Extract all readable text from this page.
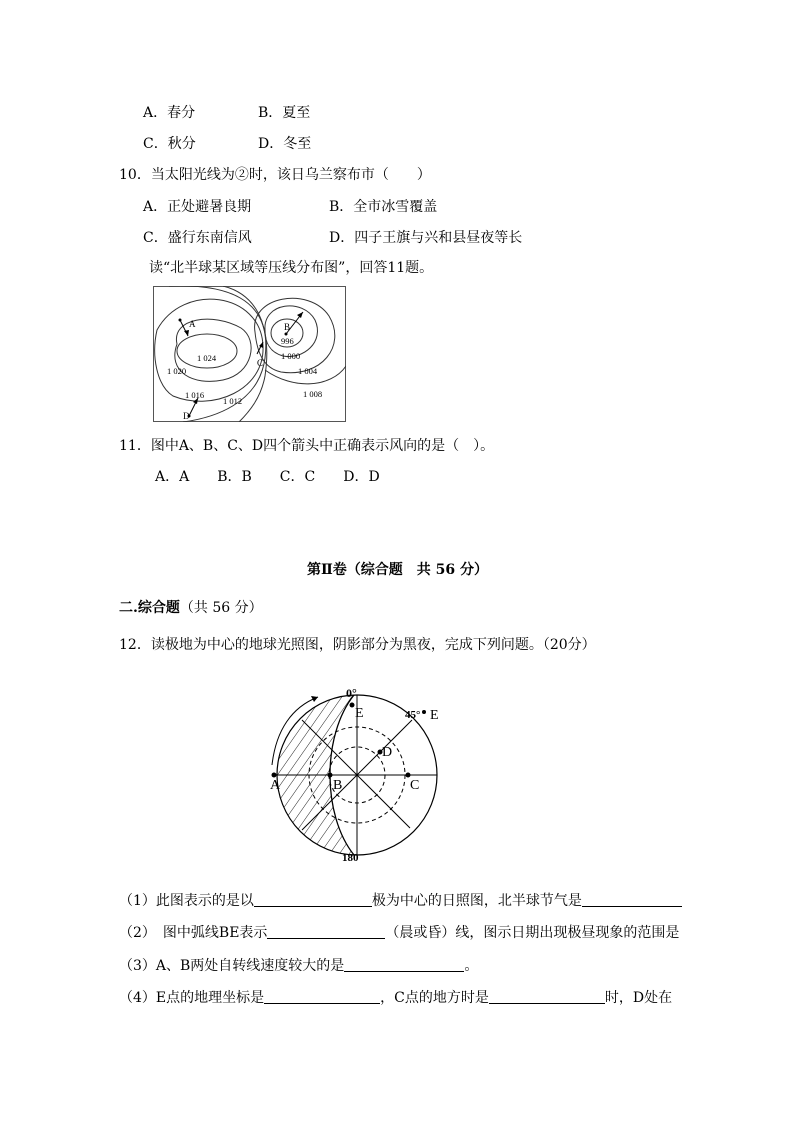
A．春分	B．夏至
C．秋分	D．冬至
10．当太阳光线为②时，该日乌兰察布市（　　）
A．正处避暑良期	B．全市冰雪覆盖
C．盛行东南信风	D．四子王旗与兴和县昼夜等长
读“北半球某区域等压线分布图”，回答11题。
A	B
C
D
1 024
1 020
1 016
1 012
996
1 000
1 004
1 008
11．图中A、B、C、D四个箭头中正确表示风向的是（　）。
A．A　　B．B　　C．C　　D．D
第Ⅱ卷（综合题　共 56 分）
二.综合题（共 56 分）
12．读极地为中心的地球光照图，阴影部分为黑夜，完成下列问题。（20分）
0°
180
45°
A	B	C
D
E	E
（1）此图表示的是以	极为中心的日照图，北半球节气是
（2）　图中弧线BE表示	（晨或昏）线，图示日期出现极昼现象的范围是
（3）A、B两处自转线速度较大的是	。
（4）E点的地理坐标是	，C点的地方时是	时，D处在
